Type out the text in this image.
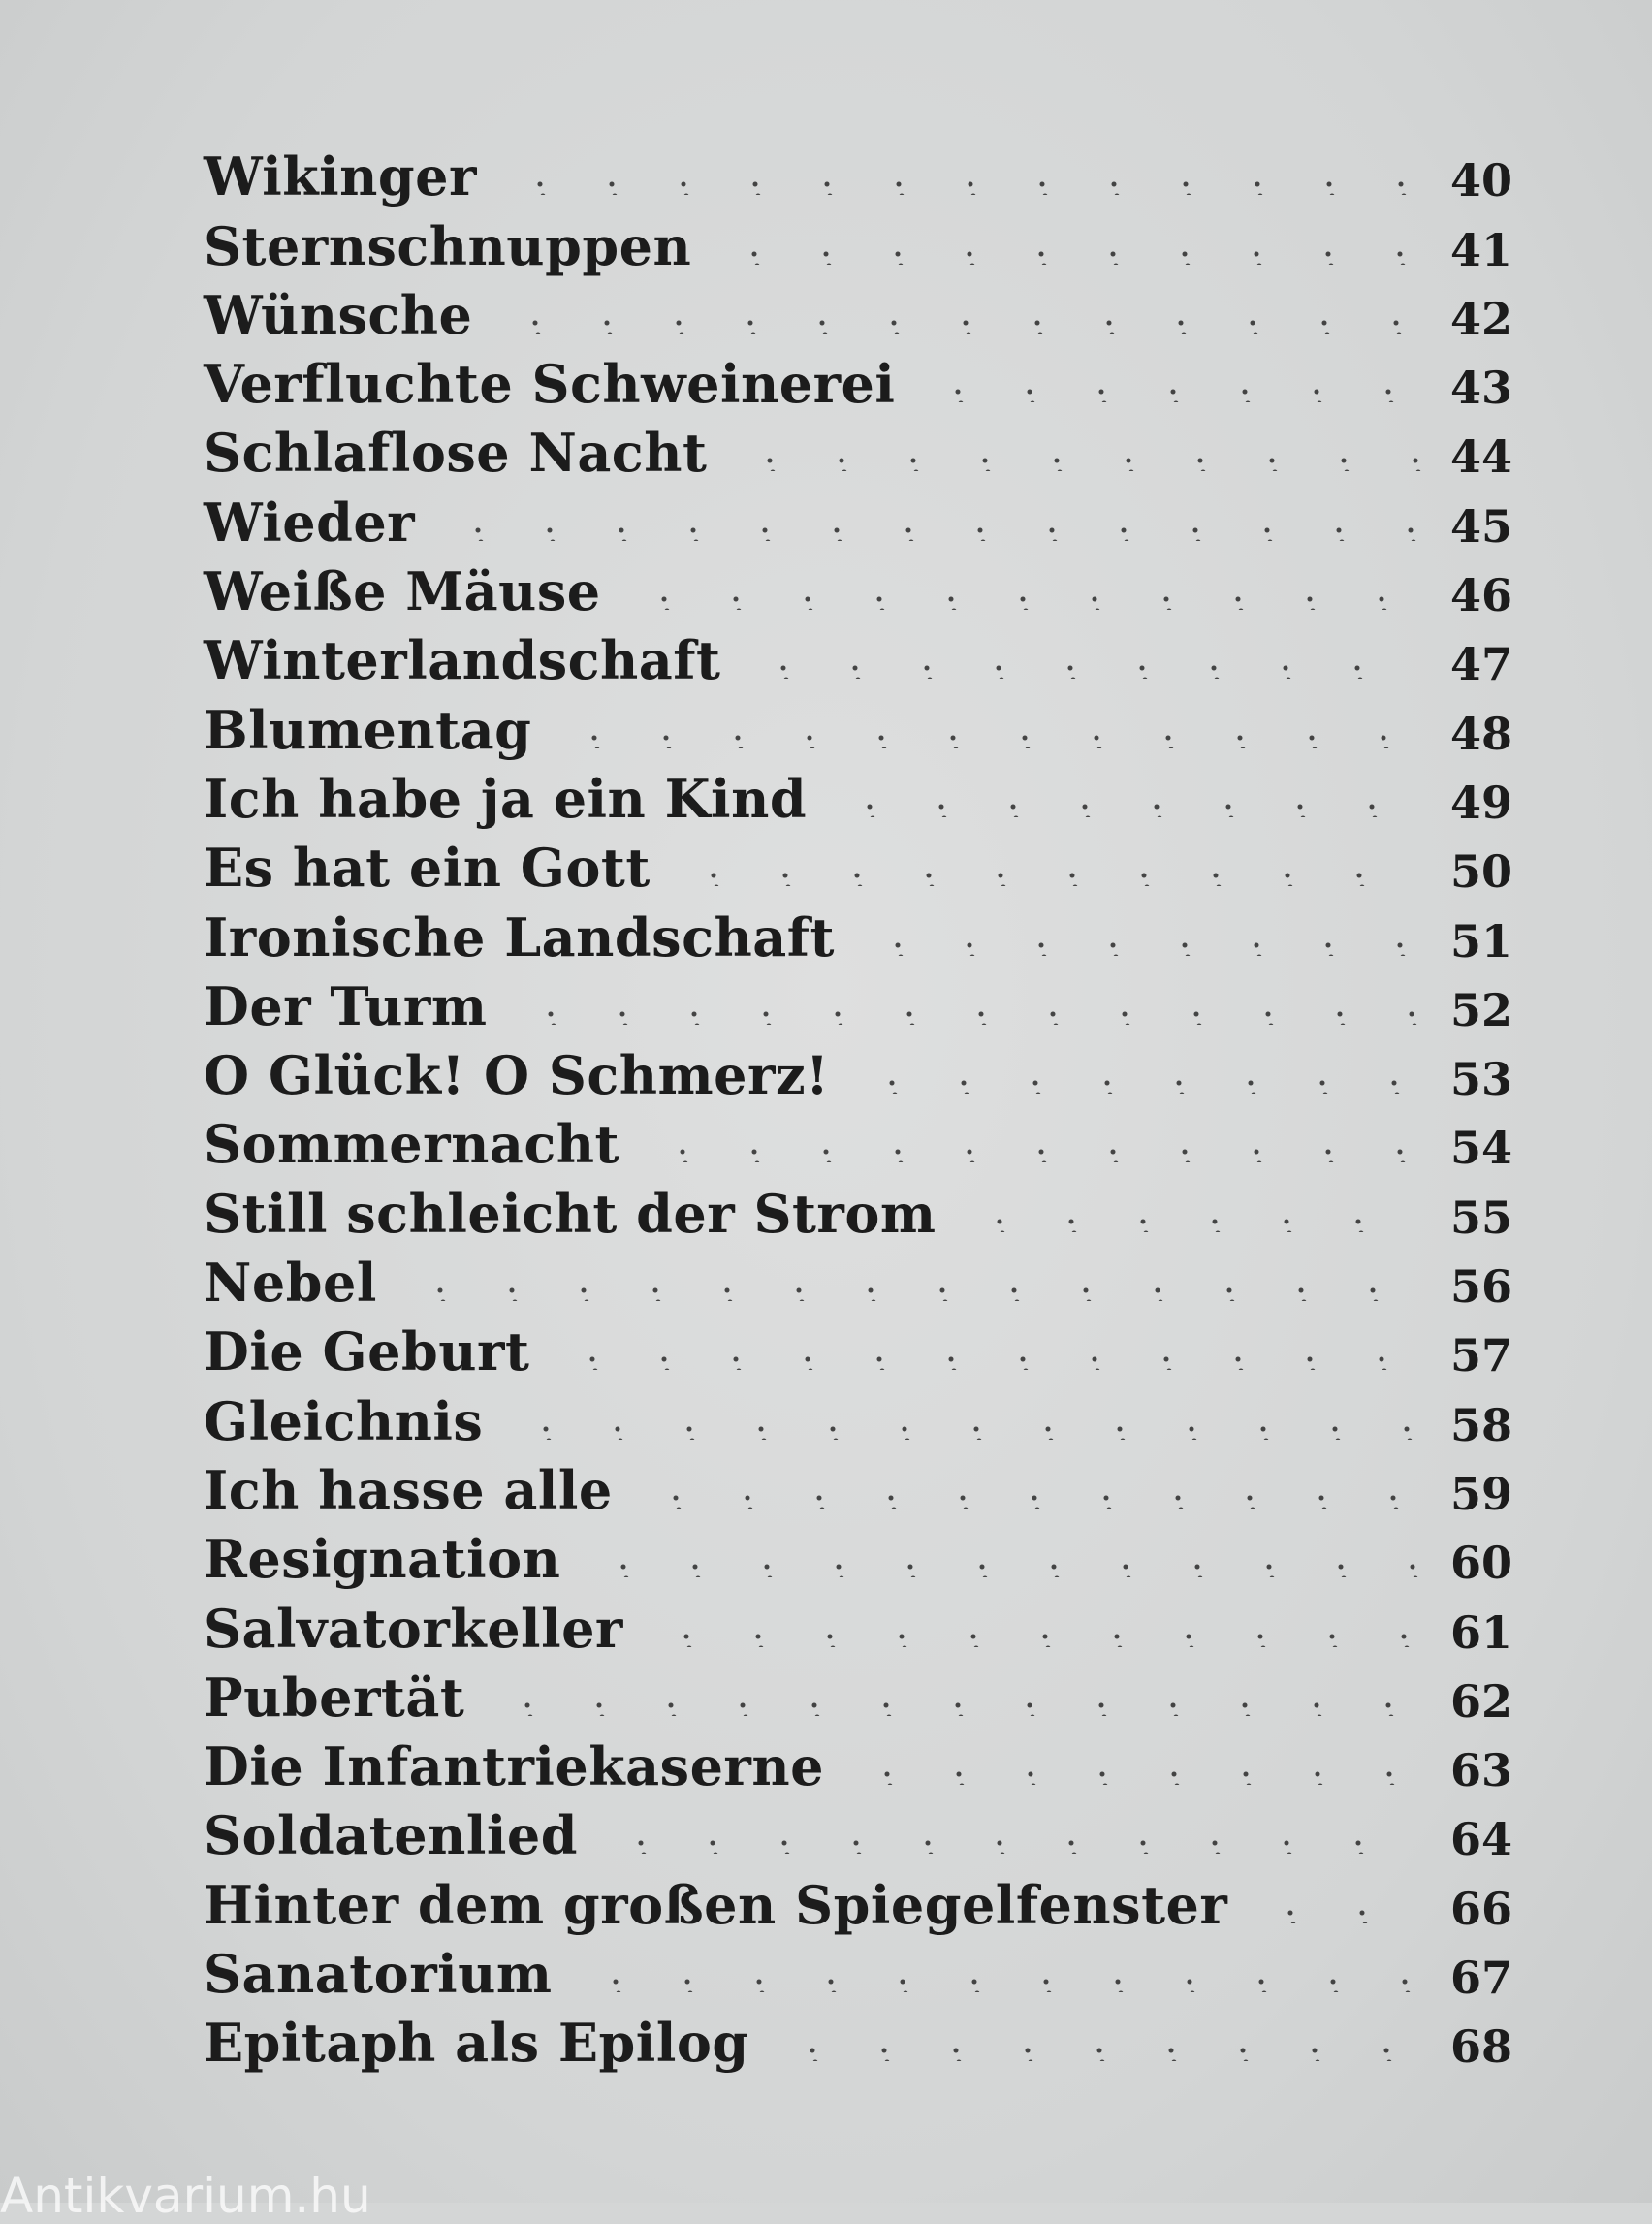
Wikinger	40
Sternschnuppen	41
Wünsche	42
Verfluchte Schweinerei	43
Schlaflose Nacht	44
Wieder	45
Weiße Mäuse	46
Winterlandschaft	47
Blumentag	48
Ich habe ja ein Kind	49
Es hat ein Gott	50
Ironische Landschaft	51
Der Turm	52
O Glück! O Schmerz!	53
Sommernacht	54
Still schleicht der Strom	55
Nebel	56
Die Geburt	57
Gleichnis	58
Ich hasse alle	59
Resignation	60
Salvatorkeller	61
Pubertät	62
Die Infantriekaserne	63
Soldatenlied	64
Hinter dem großen Spiegelfenster	66
Sanatorium	67
Epitaph als Epilog	68
Antikvarium.hu
